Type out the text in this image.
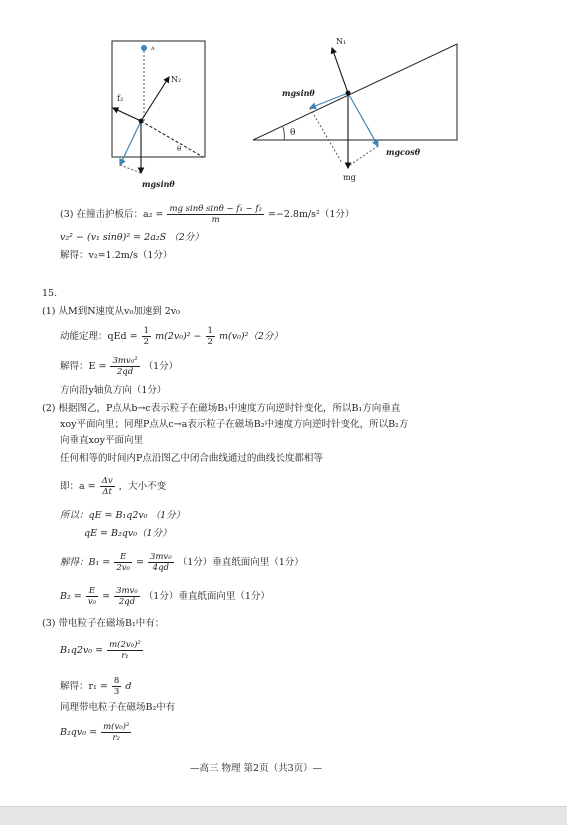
A
N₂
f₂
θ
mgsinθ
N₁
mgsinθ
θ
mgcosθ
mg
(3) 在撞击护板后：$a_2 = \frac{\text{mg sinθ sinθ − f₁ − f₂}}{m} =-2.8m/s^2(1$分）
v₂² − (v₁ sinθ)² = 2a₂S （2分）
解得：v₂=1.2m/s（1分）
15.
(1) 从M到N速度从v₀加速到 2v₀
动能定理：qEd = $\frac{1}{2} m(2v_0)^2 - \frac{1}{2} m(v_0)^2(2$分）
解得：$E = \frac{\text{3mv₀²}}{2qd} (1$分）
方向沿y轴负方向（1分）
(2) 根据图乙，P点从b→c表示粒子在磁场B₁中速度方向逆时针变化，所以B₁方向垂直
xoy平面向里；同理P点从c→a表示粒子在磁场B₂中速度方向逆时针变化，所以B₂方
向垂直xoy平面向里
任何相等的时间内P点沿图乙中闭合曲线通过的曲线长度都相等
即：$a = \frac{\Delta v}{\Delta t}$ ，大小不变
所以：qE = B₁q2v₀ （1分）
qE = B₂qv₀（1分）
解得：$B_1 = \frac{E}{\text{2v₀}} = \frac{\text{3mv₀}}{4qd} (1$分）垂直纸面向里（1分）
$B_2 = \frac{E}{\text{v₀}} = \frac{\text{3mv₀}}{2qd} (1$分）垂直纸面向里（1分）
(3) 带电粒子在磁场B₁中有：
$B_1q2v_0 = \frac{\text{m(2v₀)²}}{\text{r₁}}$
解得：$r_1 = \frac{8}{3}$ d
同理带电粒子在磁场B₂中有
$B_2qv_0 = \frac{\text{m(v₀)²}}{\text{r₂}}$
—高三 物理 第2页（共3页）—
